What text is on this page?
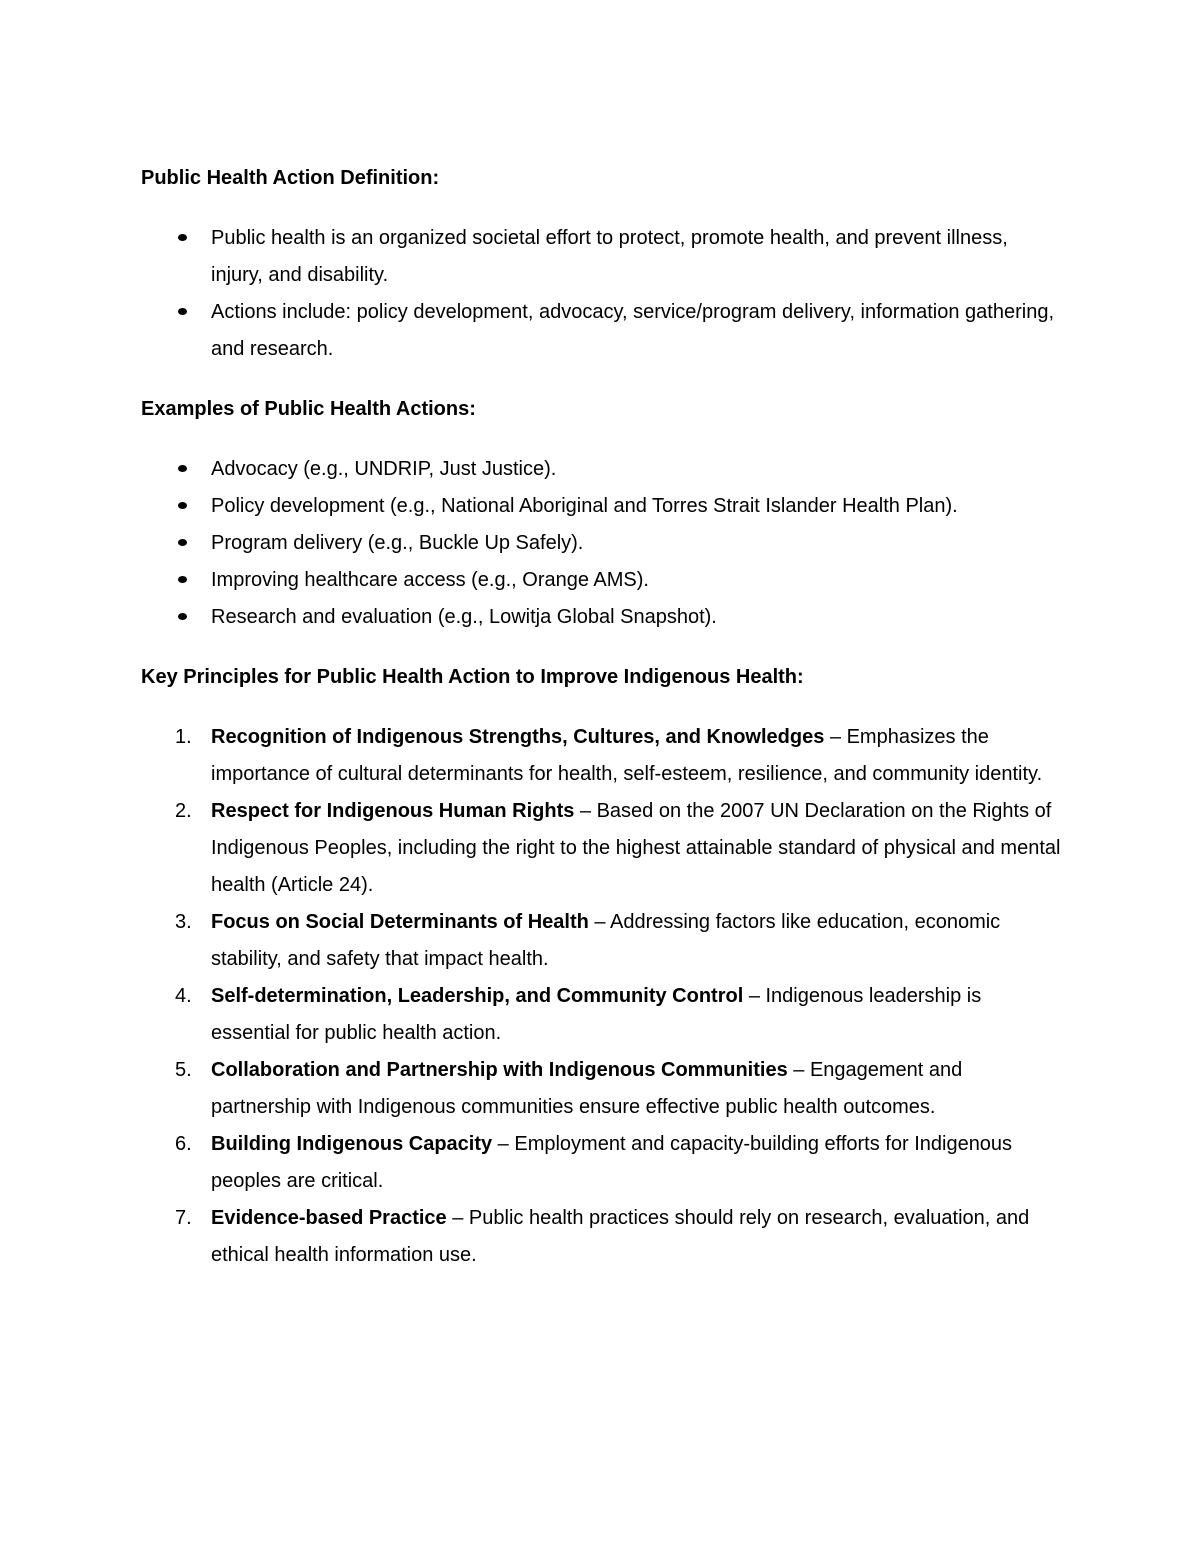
Public Health Action Definition:

Public health is an organized societal effort to protect, promote health, and prevent illness, injury, and disability.
Actions include: policy development, advocacy, service/program delivery, information gathering, and research.

Examples of Public Health Actions:

Advocacy (e.g., UNDRIP, Just Justice).
Policy development (e.g., National Aboriginal and Torres Strait Islander Health Plan).
Program delivery (e.g., Buckle Up Safely).
Improving healthcare access (e.g., Orange AMS).
Research and evaluation (e.g., Lowitja Global Snapshot).

Key Principles for Public Health Action to Improve Indigenous Health:

1. Recognition of Indigenous Strengths, Cultures, and Knowledges – Emphasizes the importance of cultural determinants for health, self-esteem, resilience, and community identity.
2. Respect for Indigenous Human Rights – Based on the 2007 UN Declaration on the Rights of Indigenous Peoples, including the right to the highest attainable standard of physical and mental health (Article 24).
3. Focus on Social Determinants of Health – Addressing factors like education, economic stability, and safety that impact health.
4. Self-determination, Leadership, and Community Control – Indigenous leadership is essential for public health action.
5. Collaboration and Partnership with Indigenous Communities – Engagement and partnership with Indigenous communities ensure effective public health outcomes.
6. Building Indigenous Capacity – Employment and capacity-building efforts for Indigenous peoples are critical.
7. Evidence-based Practice – Public health practices should rely on research, evaluation, and ethical health information use.
